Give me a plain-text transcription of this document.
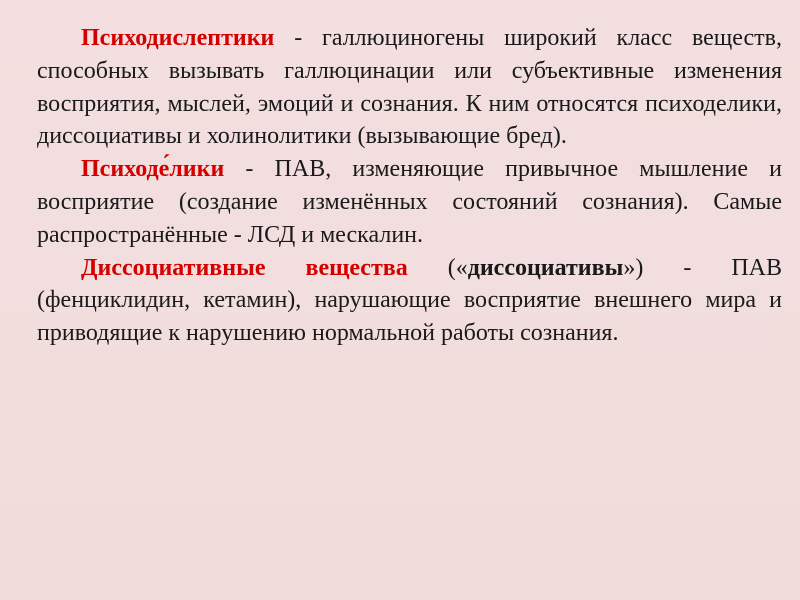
Психодислептики - галлюциногены широкий класс веществ, способных вызывать галлюцинации или субъективные изменения восприятия, мыслей, эмоций и сознания. К ним относятся психоделики, диссоциативы и холинолитики (вызывающие бред).

Психоде́лики - ПАВ, изменяющие привычное мышление и восприятие (создание изменённых состояний сознания). Самые распространённые - ЛСД и мескалин.

Диссоциативные вещества («диссоциативы») - ПАВ (фенциклидин, кетамин), нарушающие восприятие внешнего мира и приводящие к нарушению нормальной работы сознания.
